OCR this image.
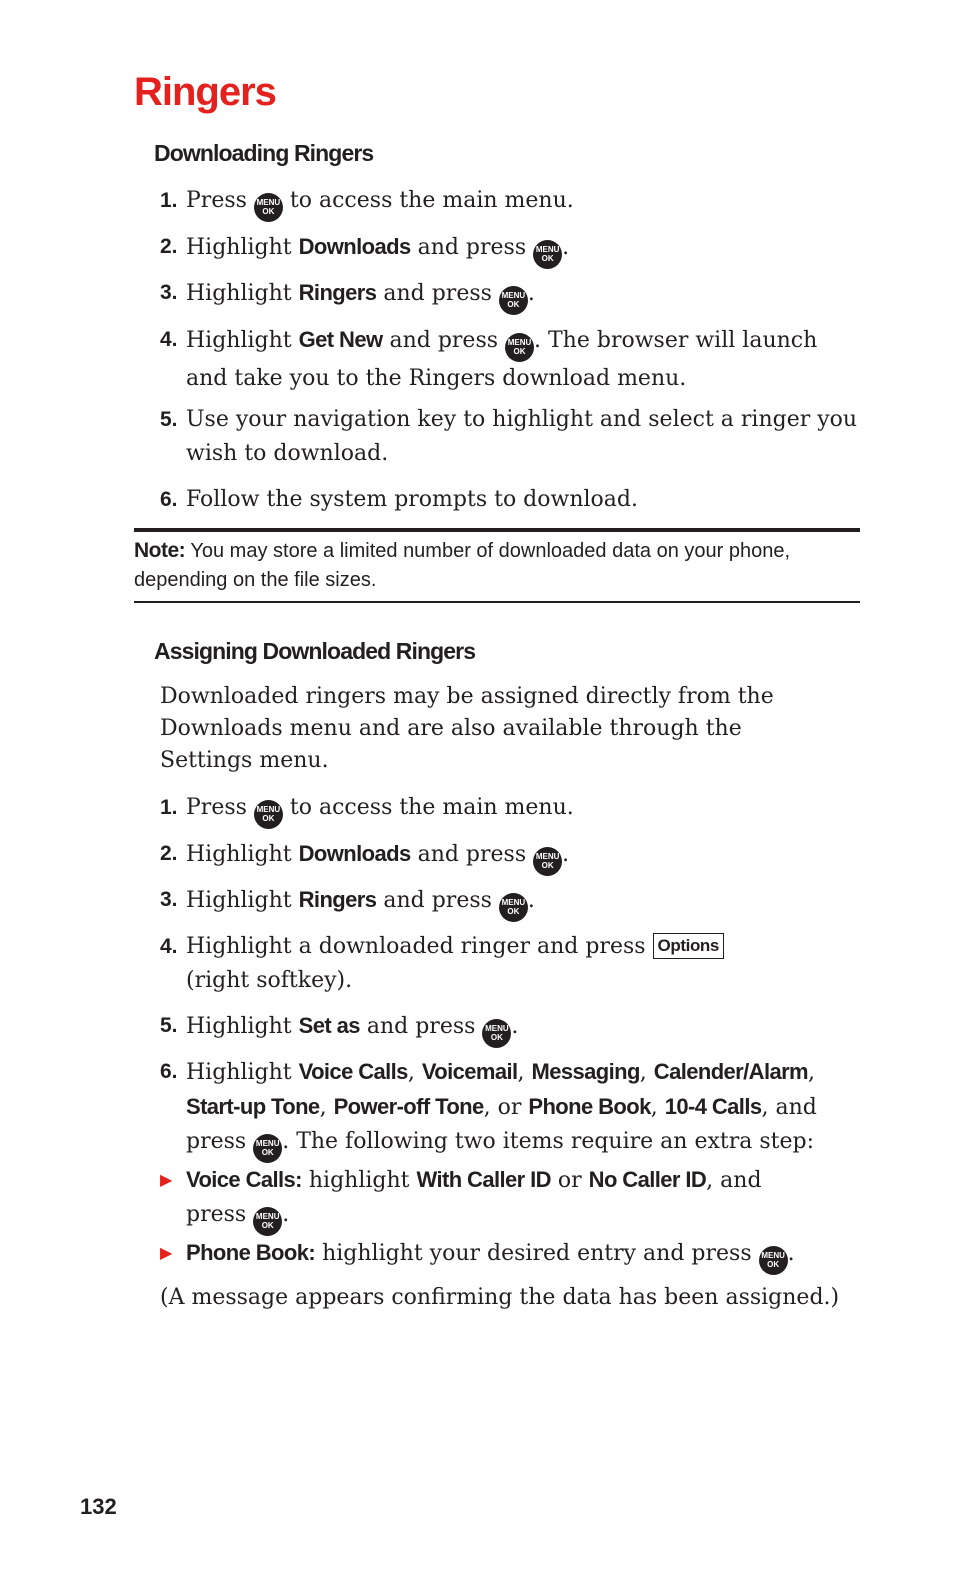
Ringers
Downloading Ringers
1. Press MENU
OK to access the main menu.
2. Highlight Downloads and press MENU
OK .
3. Highlight Ringers and press MENU
OK .
4. Highlight Get New and press MENU
OK . The browser will launch and take you to the Ringers download menu.
5. Use your navigation key to highlight and select a ringer you wish to download.
6. Follow the system prompts to download.
Note: You may store a limited number of downloaded data on your phone, depending on the file sizes.
Assigning Downloaded Ringers
Downloaded ringers may be assigned directly from the Downloads menu and are also available through the Settings menu.
1. Press MENU
OK to access the main menu.
2. Highlight Downloads and press MENU
OK .
3. Highlight Ringers and press MENU
OK .
4. Highlight a downloaded ringer and press Options (right softkey).
5. Highlight Set as and press MENU
OK .
6. Highlight Voice Calls, Voicemail, Messaging, Calender/Alarm, Start-up Tone, Power-off Tone, or Phone Book, 10-4 Calls, and press MENU
OK . The following two items require an extra step:
▶ Voice Calls: highlight With Caller ID or No Caller ID, and press MENU
OK .
▶ Phone Book: highlight your desired entry and press MENU
OK .
(A message appears confirming the data has been assigned.)
132
